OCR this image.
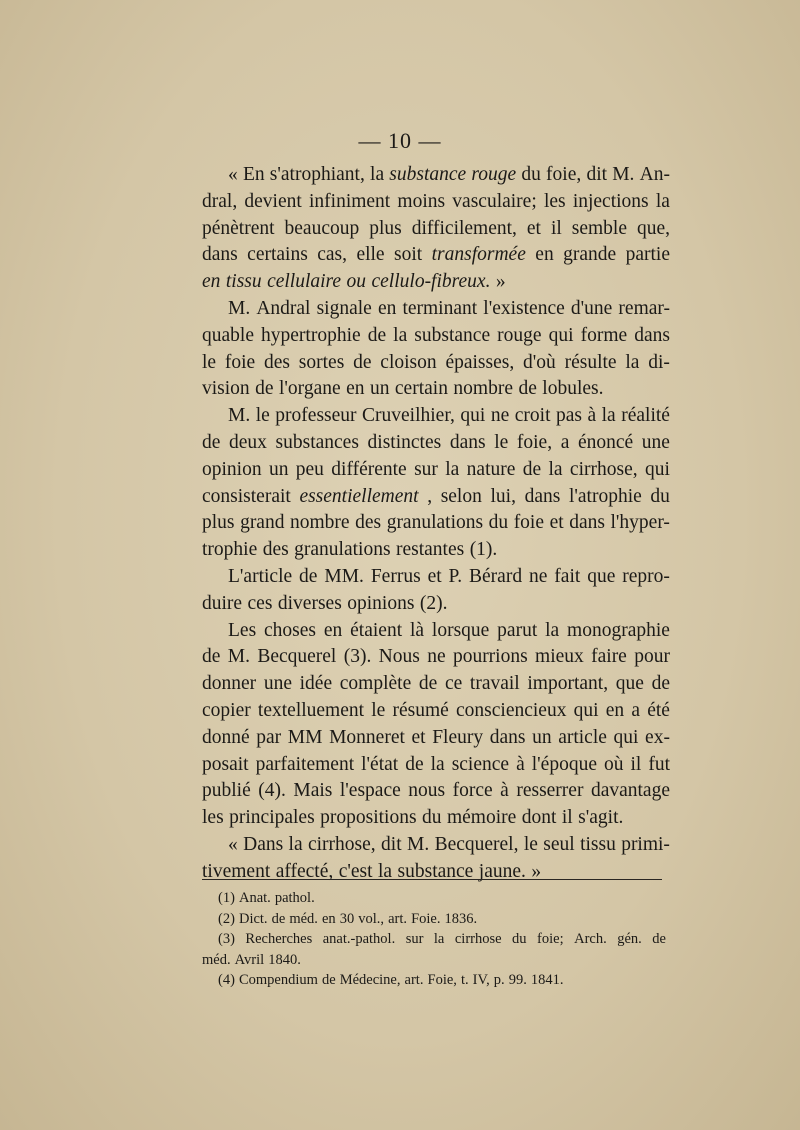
— 10 —
« En s'atrophiant, la substance rouge du foie, dit M. An-
dral, devient infiniment moins vasculaire; les injections la
pénètrent beaucoup plus difficilement, et il semble que,
dans certains cas, elle soit transformée en grande partie
en tissu cellulaire ou cellulo-fibreux. »
M. Andral signale en terminant l'existence d'une remar-
quable hypertrophie de la substance rouge qui forme dans
le foie des sortes de cloison épaisses, d'où résulte la di-
vision de l'organe en un certain nombre de lobules.
M. le professeur Cruveilhier, qui ne croit pas à la réalité
de deux substances distinctes dans le foie, a énoncé une
opinion un peu différente sur la nature de la cirrhose, qui
consisterait essentiellement , selon lui, dans l'atrophie du
plus grand nombre des granulations du foie et dans l'hyper-
trophie des granulations restantes (1).
L'article de MM. Ferrus et P. Bérard ne fait que repro-
duire ces diverses opinions (2).
Les choses en étaient là lorsque parut la monographie
de M. Becquerel (3). Nous ne pourrions mieux faire pour
donner une idée complète de ce travail important, que de
copier textelluement le résumé consciencieux qui en a été
donné par MM Monneret et Fleury dans un article qui ex-
posait parfaitement l'état de la science à l'époque où il fut
publié (4). Mais l'espace nous force à resserrer davantage
les principales propositions du mémoire dont il s'agit.
« Dans la cirrhose, dit M. Becquerel, le seul tissu primi-
tivement affecté, c'est la substance jaune. »
(1) Anat. pathol.
(2) Dict. de méd. en 30 vol., art. Foie. 1836.
(3) Recherches anat.-pathol. sur la cirrhose du foie; Arch. gén. de
méd. Avril 1840.
(4) Compendium de Médecine, art. Foie, t. IV, p. 99. 1841.
